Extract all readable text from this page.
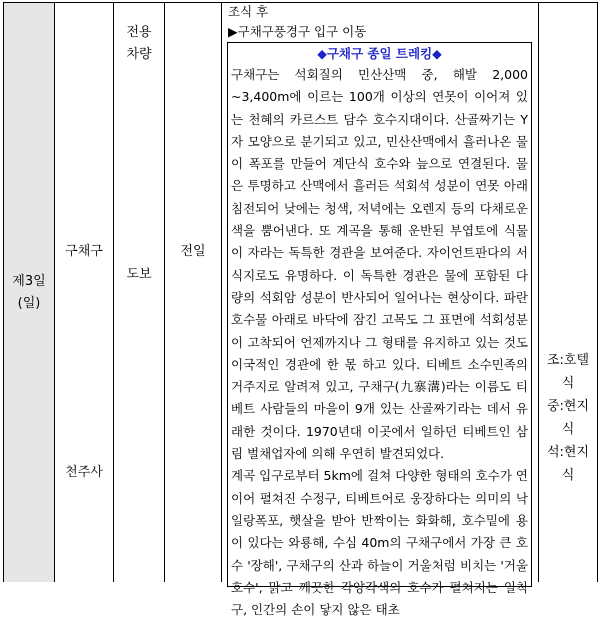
제3일
(일)
구채구
천주사
전용
차량
도보
전일
조식 후
▶구채구풍경구 입구 이동
◆구채구 종일 트레킹◆
구채구는 석회질의 민산산맥 중, 해발 2,000 ~3,400m에 이르는 100개 이상의 연못이 이어져 있는 천혜의 카르스트 담수 호수지대이다. 산골짜기는 Y자 모양으로 분기되고 있고, 민산산맥에서 흘러나온 물이 폭포를 만들어 계단식 호수와 늪으로 연결된다. 물은 투명하고 산맥에서 흘러든 석회석 성분이 연못 아래 침전되어 낮에는 청색, 저녁에는 오렌지 등의 다채로운 색을 뿜어낸다. 또 계곡을 통해 운반된 부엽토에 식물이 자라는 독특한 경관을 보여준다. 자이언트판다의 서식지로도 유명하다. 이 독특한 경관은 물에 포함된 다량의 석회암 성분이 반사되어 일어나는 현상이다. 파란 호수물 아래로 바닥에 잠긴 고목도 그 표면에 석회성분이 고착되어 언제까지나 그 형태를 유지하고 있는 것도 이국적인 경관에 한 몫 하고 있다. 티베트 소수민족의 거주지로 알려져 있고, 구채구(九寨溝)라는 이름도 티베트 사람들의 마을이 9개 있는 산골짜기라는 데서 유래한 것이다. 1970년대 이곳에서 일하던 티베트인 삼림 벌채업자에 의해 우연히 발견되었다.
계곡 입구로부터 5km에 걸쳐 다양한 형태의 호수가 연이어 펼쳐진 수정구, 티베트어로 웅장하다는 의미의 낙일랑폭포, 햇살을 받아 반짝이는 화화해, 호수밑에 용이 있다는 와룡해, 수심 40m의 구채구에서 가장 큰 호수 '장해', 구채구의 산과 하늘이 거울처럼 비치는 '거울호수', 맑고 깨끗한 각양각색의 호수가 펼쳐지는 일칙구, 인간의 손이 닿지 않은 태초
조:호텔
식
중:현지
식
석:현지
식
